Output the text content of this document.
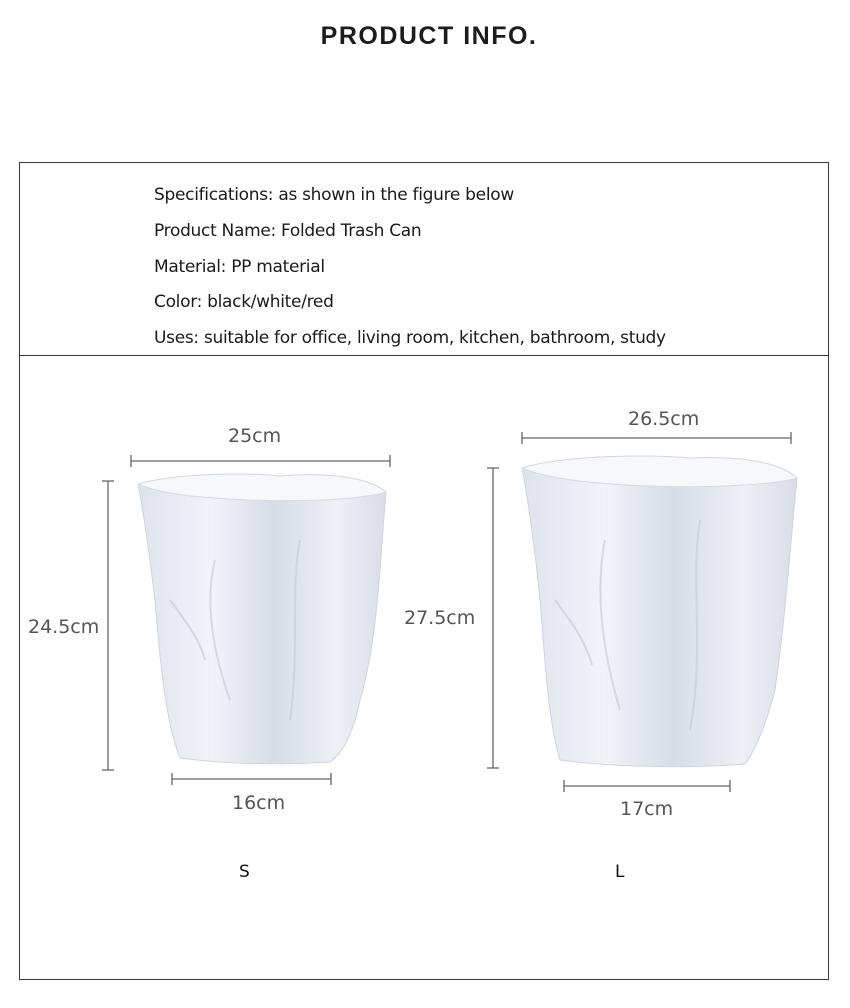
PRODUCT INFO.
Specifications: as shown in the figure below
Product Name: Folded Trash Can
Material: PP material
Color: black/white/red
Uses: suitable for office, living room, kitchen, bathroom, study
25cm
24.5cm
16cm
S
26.5cm
27.5cm
17cm
L
